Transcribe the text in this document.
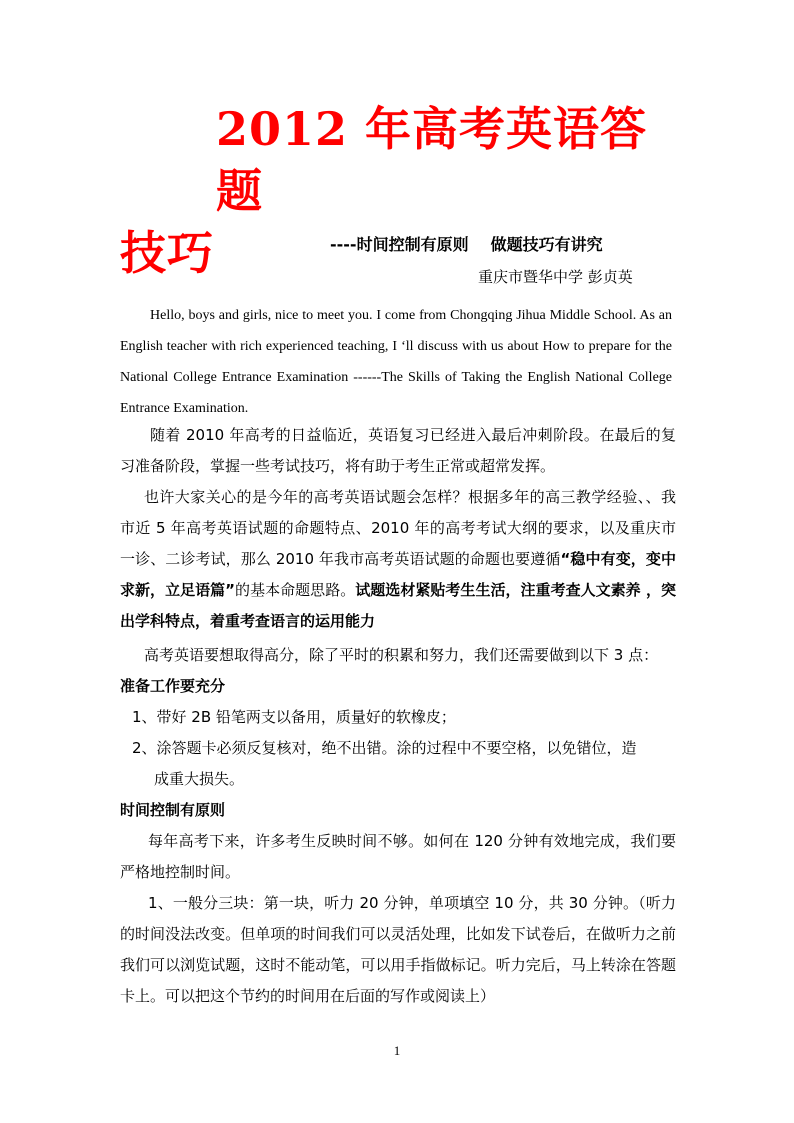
2012 年高考英语答题
技巧	----时间控制有原则 做题技巧有讲究
重庆市暨华中学 彭贞英
Hello, boys and girls, nice to meet you. I come from Chongqing Jihua Middle School. As an English teacher with rich experienced teaching, I ‘ll discuss with us about How to prepare for the National College Entrance Examination ------The Skills of Taking the English National College Entrance Examination.
随着 2010 年高考的日益临近，英语复习已经进入最后冲刺阶段。在最后的复习准备阶段，掌握一些考试技巧，将有助于考生正常或超常发挥。
也许大家关心的是今年的高考英语试题会怎样？根据多年的高三教学经验、、我市近 5 年高考英语试题的命题特点、2010 年的高考考试大纲的要求，以及重庆市一诊、二诊考试，那么 2010 年我市高考英语试题的命题也要遵循“稳中有变，变中求新，立足语篇”的基本命题思路。试题选材紧贴考生生活，注重考查人文素养 ，突出学科特点，着重考查语言的运用能力
高考英语要想取得高分，除了平时的积累和努力，我们还需要做到以下 3 点：
准备工作要充分
1、带好 2B 铅笔两支以备用，质量好的软橡皮；
2、涂答题卡必须反复核对，绝不出错。涂的过程中不要空格，以免错位，造
成重大损失。
时间控制有原则
每年高考下来，许多考生反映时间不够。如何在 120 分钟有效地完成，我们要严格地控制时间。
1、一般分三块：第一块，听力 20 分钟，单项填空 10 分，共 30 分钟。（听力的时间没法改变。但单项的时间我们可以灵活处理，比如发下试卷后，在做听力之前我们可以浏览试题，这时不能动笔，可以用手指做标记。听力完后，马上转涂在答题卡上。可以把这个节约的时间用在后面的写作或阅读上）
1
